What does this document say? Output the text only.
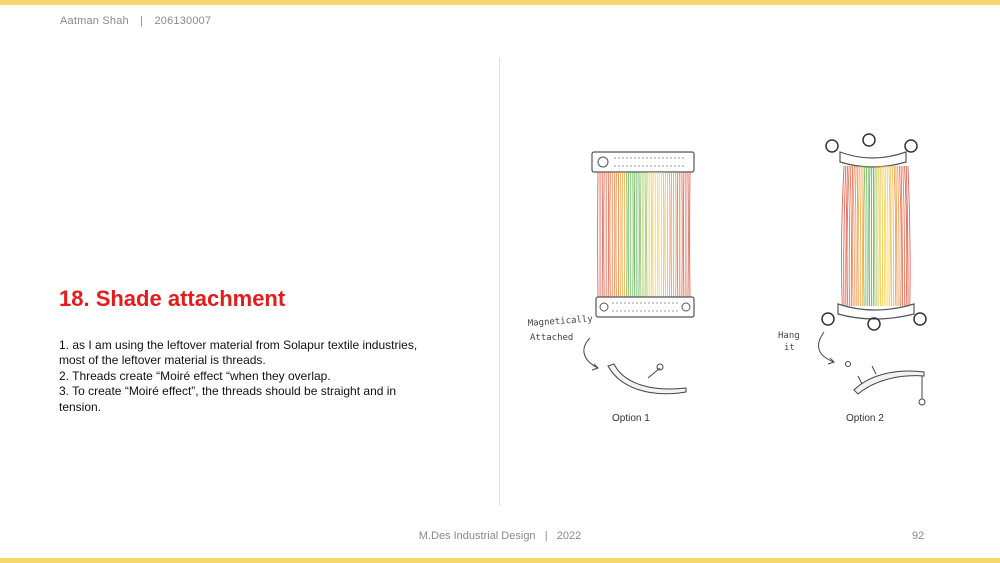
Aatman Shah | 206130007
18. Shade attachment
1. as I am using the leftover material from Solapur textile industries, most of the leftover material is threads.
2. Threads create “Moiré effect “when they overlap.
3. To create “Moiré effect”, the threads should be straight and in tension.
Magnetically
Attached
Option 1
Hang
it
Option 2
M.Des Industrial Design   |   2022	92
